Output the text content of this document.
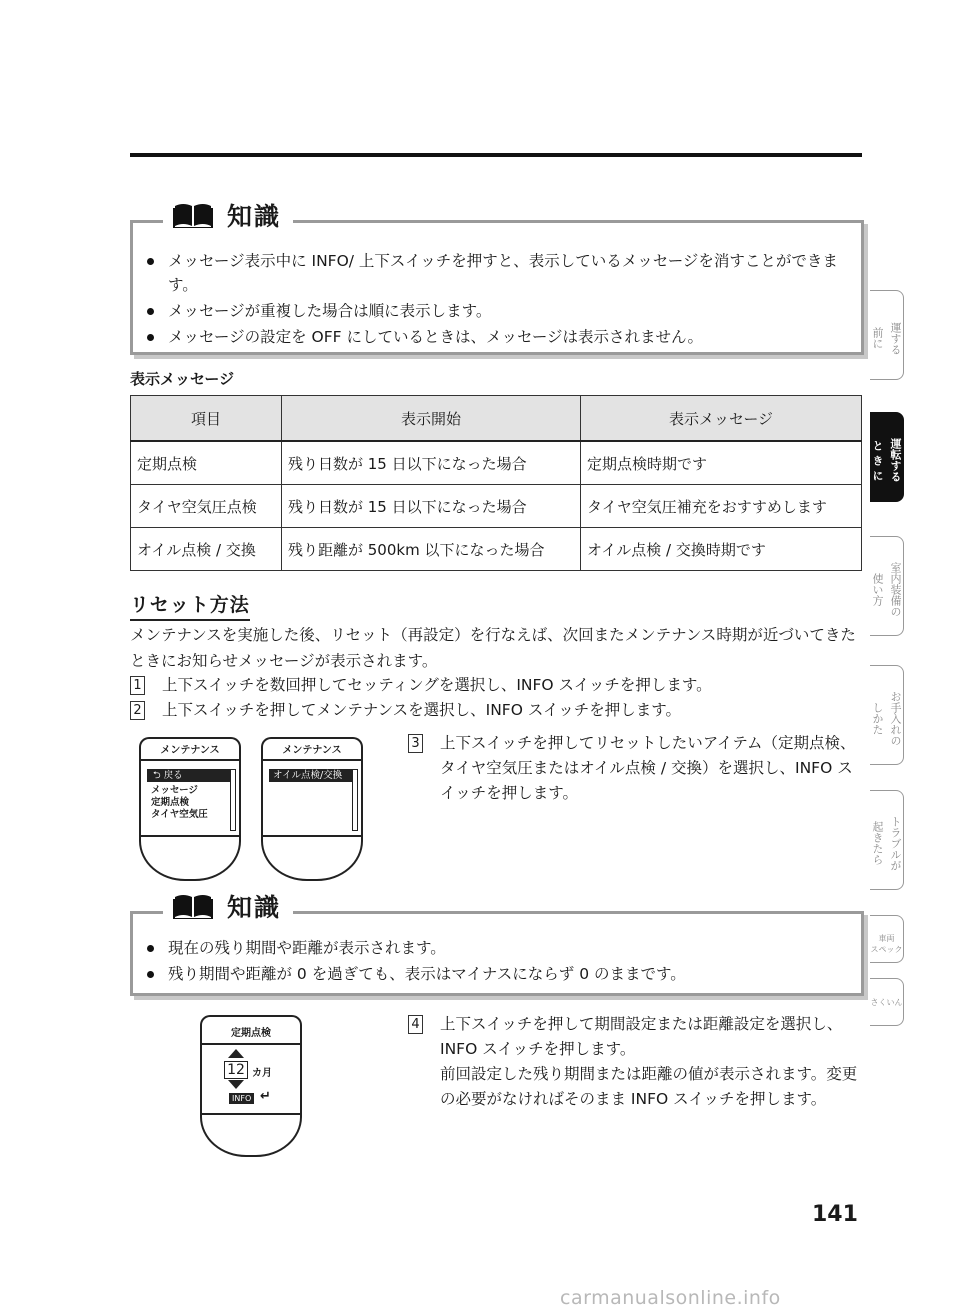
知識
メッセージ表示中に INFO/ 上下スイッチを押すと、表示しているメッセージを消すことができます。
メッセージが重複した場合は順に表示します。
メッセージの設定を OFF にしているときは、メッセージは表示されません。
表示メッセージ
項目	表示開始	表示メッセージ
定期点検	残り日数が 15 日以下になった場合	定期点検時期です
タイヤ空気圧点検	残り日数が 15 日以下になった場合	タイヤ空気圧補充をおすすめします
オイル点検 / 交換	残り距離が 500km 以下になった場合	オイル点検 / 交換時期です
リセット方法
メンテナンスを実施した後、リセット（再設定）を行なえば、次回またメンテナンス時期が近づいてきたときにお知らせメッセージが表示されます。
1 上下スイッチを数回押してセッティングを選択し、INFO スイッチを押します。
2 上下スイッチを押してメンテナンスを選択し、INFO スイッチを押します。
メンテナンス
⮌ 戻る
メッセージ
定期点検
タイヤ空気圧
メンテナンス
オイル点検/交換
3 上下スイッチを押してリセットしたいアイテム（定期点検、タイヤ空気圧またはオイル点検 / 交換）を選択し、INFO スイッチを押します。
知識
現在の残り期間や距離が表示されます。
残り期間や距離が 0 を過ぎても、表示はマイナスにならず 0 のままです。
定期点検
12 カ月
INFO ↵
4 上下スイッチを押して期間設定または距離設定を選択し、INFO スイッチを押します。
前回設定した残り期間または距離の値が表示されます。変更の必要がなければそのまま INFO スイッチを押します。
運する
前に
運転する
と き に
室内装備の
使い方
お手入れの
しかた
トラブルが
起きたら
車両
スペック
さくいん
141
carmanualsonline.info
